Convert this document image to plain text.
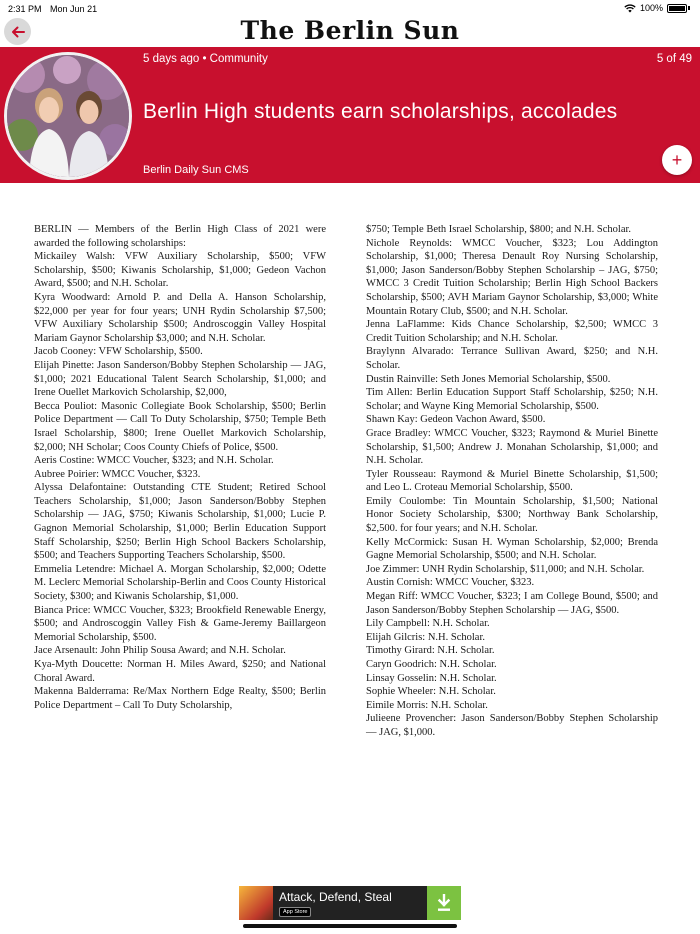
2:31 PM Mon Jun 21	100%
The Berlin Sun
5 days ago • Community	5 of 49
Berlin High students earn scholarships, accolades
Berlin Daily Sun CMS	+

BERLIN — Members of the Berlin High Class of 2021 were awarded the following scholarships:

Mickailey Walsh: VFW Auxiliary Scholarship, $500; VFW Scholarship, $500; Kiwanis Scholarship, $1,000; Gedeon Vachon Award, $500; and N.H. Scholar.

Kyra Woodward: Arnold P. and Della A. Hanson Scholarship, $22,000 per year for four years; UNH Rydin Scholarship $7,500; VFW Auxiliary Scholarship $500; Androscoggin Valley Hospital Mariam Gaynor Scholarship $3,000; and N.H. Scholar.

Jacob Cooney: VFW Scholarship, $500.

Elijah Pinette: Jason Sanderson/Bobby Stephen Scholarship — JAG, $1,000; 2021 Educational Talent Search Scholarship, $1,000; and Irene Ouellet Markovich Scholarship, $2,000,

Becca Pouliot: Masonic Collegiate Book Scholarship, $500; Berlin Police Department — Call To Duty Scholarship, $750; Temple Beth Israel Scholarship, $800; Irene Ouellet Markovich Scholarship, $2,000; NH Scholar; Coos County Chiefs of Police, $500.

Aeris Costine: WMCC Voucher, $323; and N.H. Scholar.

Aubree Poirier: WMCC Voucher, $323.

Alyssa Delafontaine: Outstanding CTE Student; Retired School Teachers Scholarship, $1,000; Jason Sanderson/Bobby Stephen Scholarship — JAG, $750; Kiwanis Scholarship, $1,000; Lucie P. Gagnon Memorial Scholarship, $1,000; Berlin Education Support Staff Scholarship, $250; Berlin High School Backers Scholarship, $500; and Teachers Supporting Teachers Scholarship, $500.

Emmelia Letendre: Michael A. Morgan Scholarship, $2,000; Odette M. Leclerc Memorial Scholarship-Berlin and Coos County Historical Society, $300; and Kiwanis Scholarship, $1,000.

Bianca Price: WMCC Voucher, $323; Brookfield Renewable Energy, $500; and Androscoggin Valley Fish & Game-Jeremy Baillargeon Memorial Scholarship, $500.

Jace Arsenault: John Philip Sousa Award; and N.H. Scholar.

Kya-Myth Doucette: Norman H. Miles Award, $250; and National Choral Award.

Makenna Balderrama: Re/Max Northern Edge Realty, $500; Berlin Police Department – Call To Duty Scholarship,

$750; Temple Beth Israel Scholarship, $800; and N.H. Scholar.

Nichole Reynolds: WMCC Voucher, $323; Lou Addington Scholarship, $1,000; Theresa Denault Roy Nursing Scholarship, $1,000; Jason Sanderson/Bobby Stephen Scholarship – JAG, $750; WMCC 3 Credit Tuition Scholarship; Berlin High School Backers Scholarship, $500; AVH Mariam Gaynor Scholarship, $3,000; White Mountain Rotary Club, $500; and N.H. Scholar.

Jenna LaFlamme: Kids Chance Scholarship, $2,500; WMCC 3 Credit Tuition Scholarship; and N.H. Scholar.

Braylynn Alvarado: Terrance Sullivan Award, $250; and N.H. Scholar.

Dustin Rainville: Seth Jones Memorial Scholarship, $500.

Tim Allen: Berlin Education Support Staff Scholarship, $250; N.H. Scholar; and Wayne King Memorial Scholarship, $500.

Shawn Kay: Gedeon Vachon Award, $500.

Grace Bradley: WMCC Voucher, $323; Raymond & Muriel Binette Scholarship, $1,500; Andrew J. Monahan Scholarship, $1,000; and N.H. Scholar.

Tyler Rousseau: Raymond & Muriel Binette Scholarship, $1,500; and Leo L. Croteau Memorial Scholarship, $500.

Emily Coulombe: Tin Mountain Scholarship, $1,500; National Honor Society Scholarship, $300; Northway Bank Scholarship, $2,500. for four years; and N.H. Scholar.

Kelly McCormick: Susan H. Wyman Scholarship, $2,000; Brenda Gagne Memorial Scholarship, $500; and N.H. Scholar.

Joe Zimmer: UNH Rydin Scholarship, $11,000; and N.H. Scholar.

Austin Cornish: WMCC Voucher, $323.

Megan Riff: WMCC Voucher, $323; I am College Bound, $500; and Jason Sanderson/Bobby Stephen Scholarship — JAG, $500.

Lily Campbell: N.H. Scholar.

Elijah Gilcris: N.H. Scholar.

Timothy Girard: N.H. Scholar.

Caryn Goodrich: N.H. Scholar.

Linsay Gosselin: N.H. Scholar.

Sophie Wheeler: N.H. Scholar.

Eimile Morris: N.H. Scholar.

Julieene Provencher: Jason Sanderson/Bobby Stephen Scholarship — JAG, $1,000.

Attack, Defend, Steal
App Store
